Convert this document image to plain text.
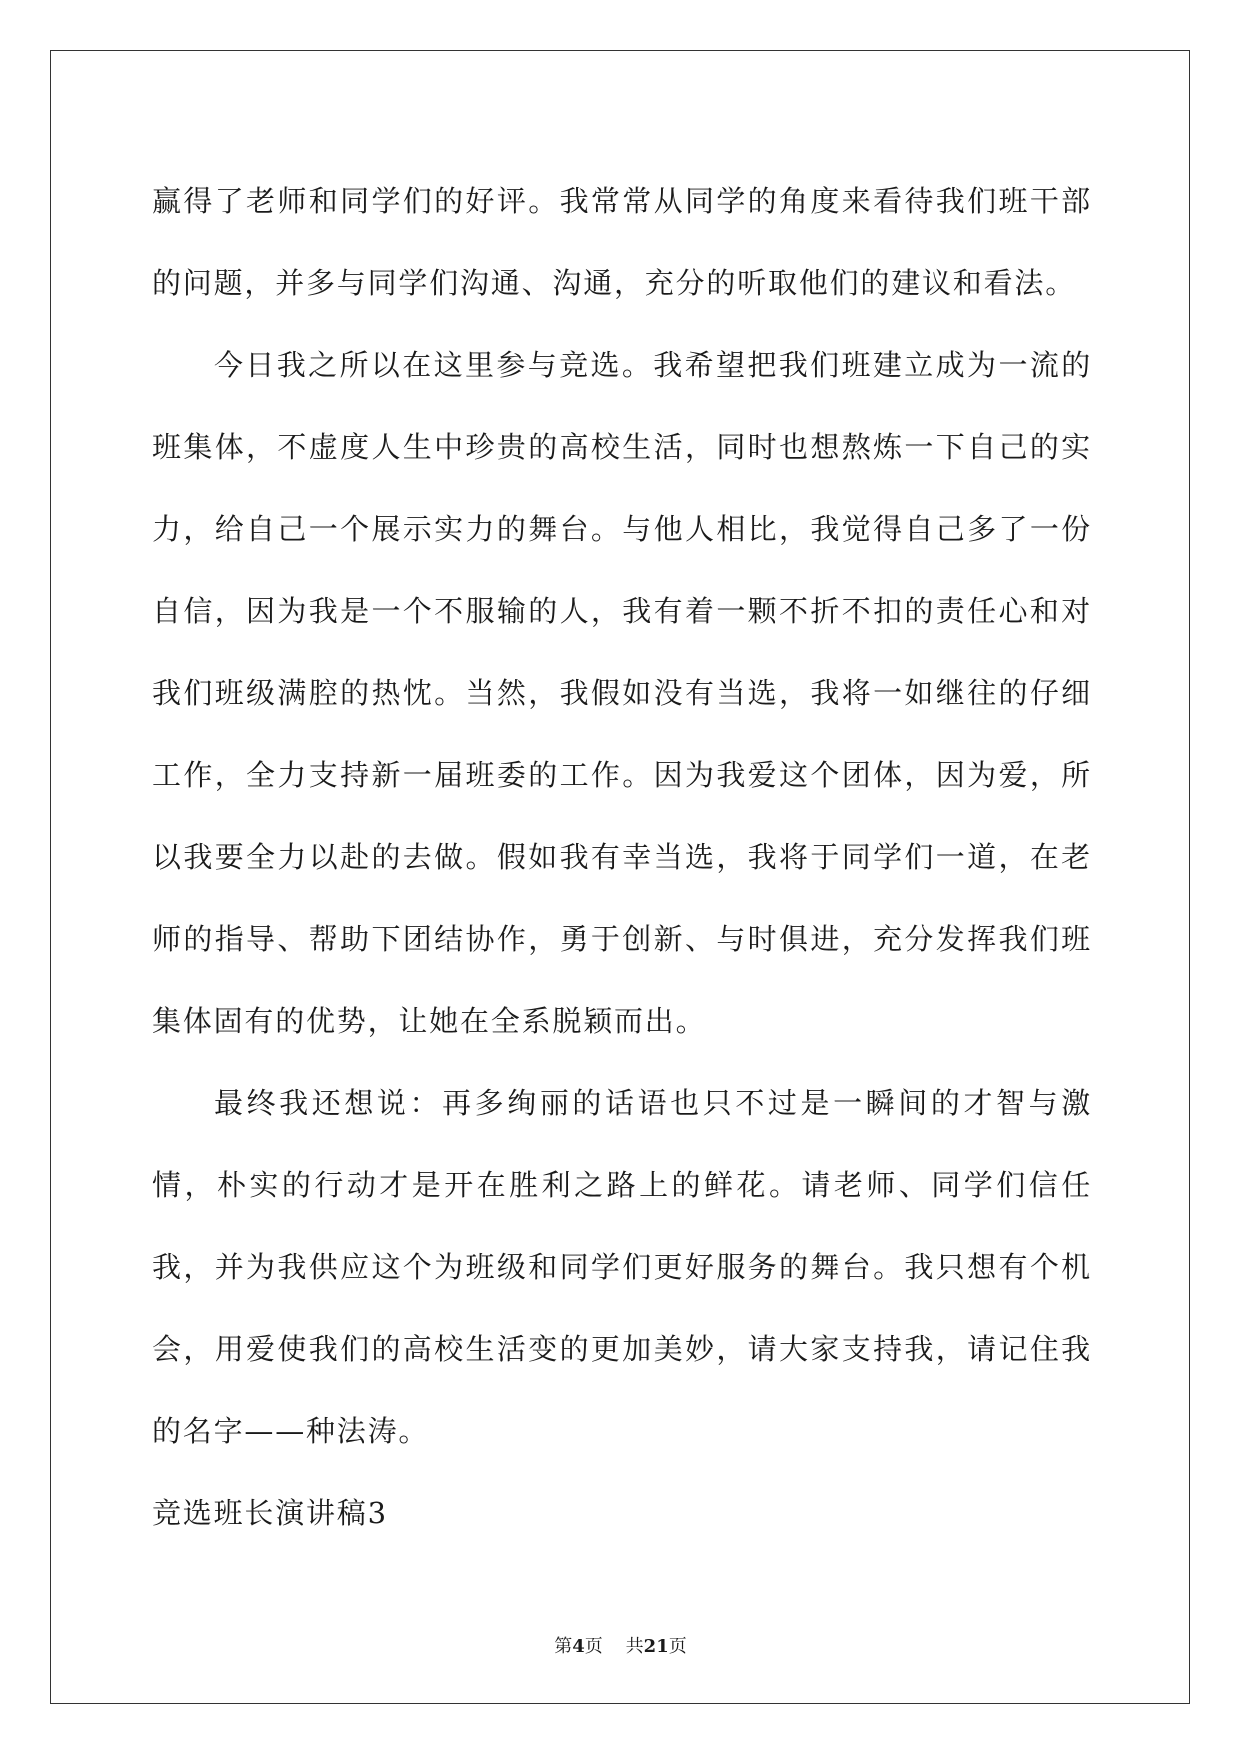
赢得了老师和同学们的好评。我常常从同学的角度来看待我们班干部的问题，并多与同学们沟通、沟通，充分的听取他们的建议和看法。

今日我之所以在这里参与竞选。我希望把我们班建立成为一流的班集体，不虚度人生中珍贵的高校生活，同时也想熬炼一下自己的实力，给自己一个展示实力的舞台。与他人相比，我觉得自己多了一份自信，因为我是一个不服输的人，我有着一颗不折不扣的责任心和对我们班级满腔的热忱。当然，我假如没有当选，我将一如继往的仔细工作，全力支持新一届班委的工作。因为我爱这个团体，因为爱，所以我要全力以赴的去做。假如我有幸当选，我将于同学们一道，在老师的指导、帮助下团结协作，勇于创新、与时俱进，充分发挥我们班集体固有的优势，让她在全系脱颖而出。

最终我还想说：再多绚丽的话语也只不过是一瞬间的才智与激情，朴实的行动才是开在胜利之路上的鲜花。请老师、同学们信任我，并为我供应这个为班级和同学们更好服务的舞台。我只想有个机会，用爱使我们的高校生活变的更加美妙，请大家支持我，请记住我的名字——种法涛。

竞选班长演讲稿3

第4页 共21页
